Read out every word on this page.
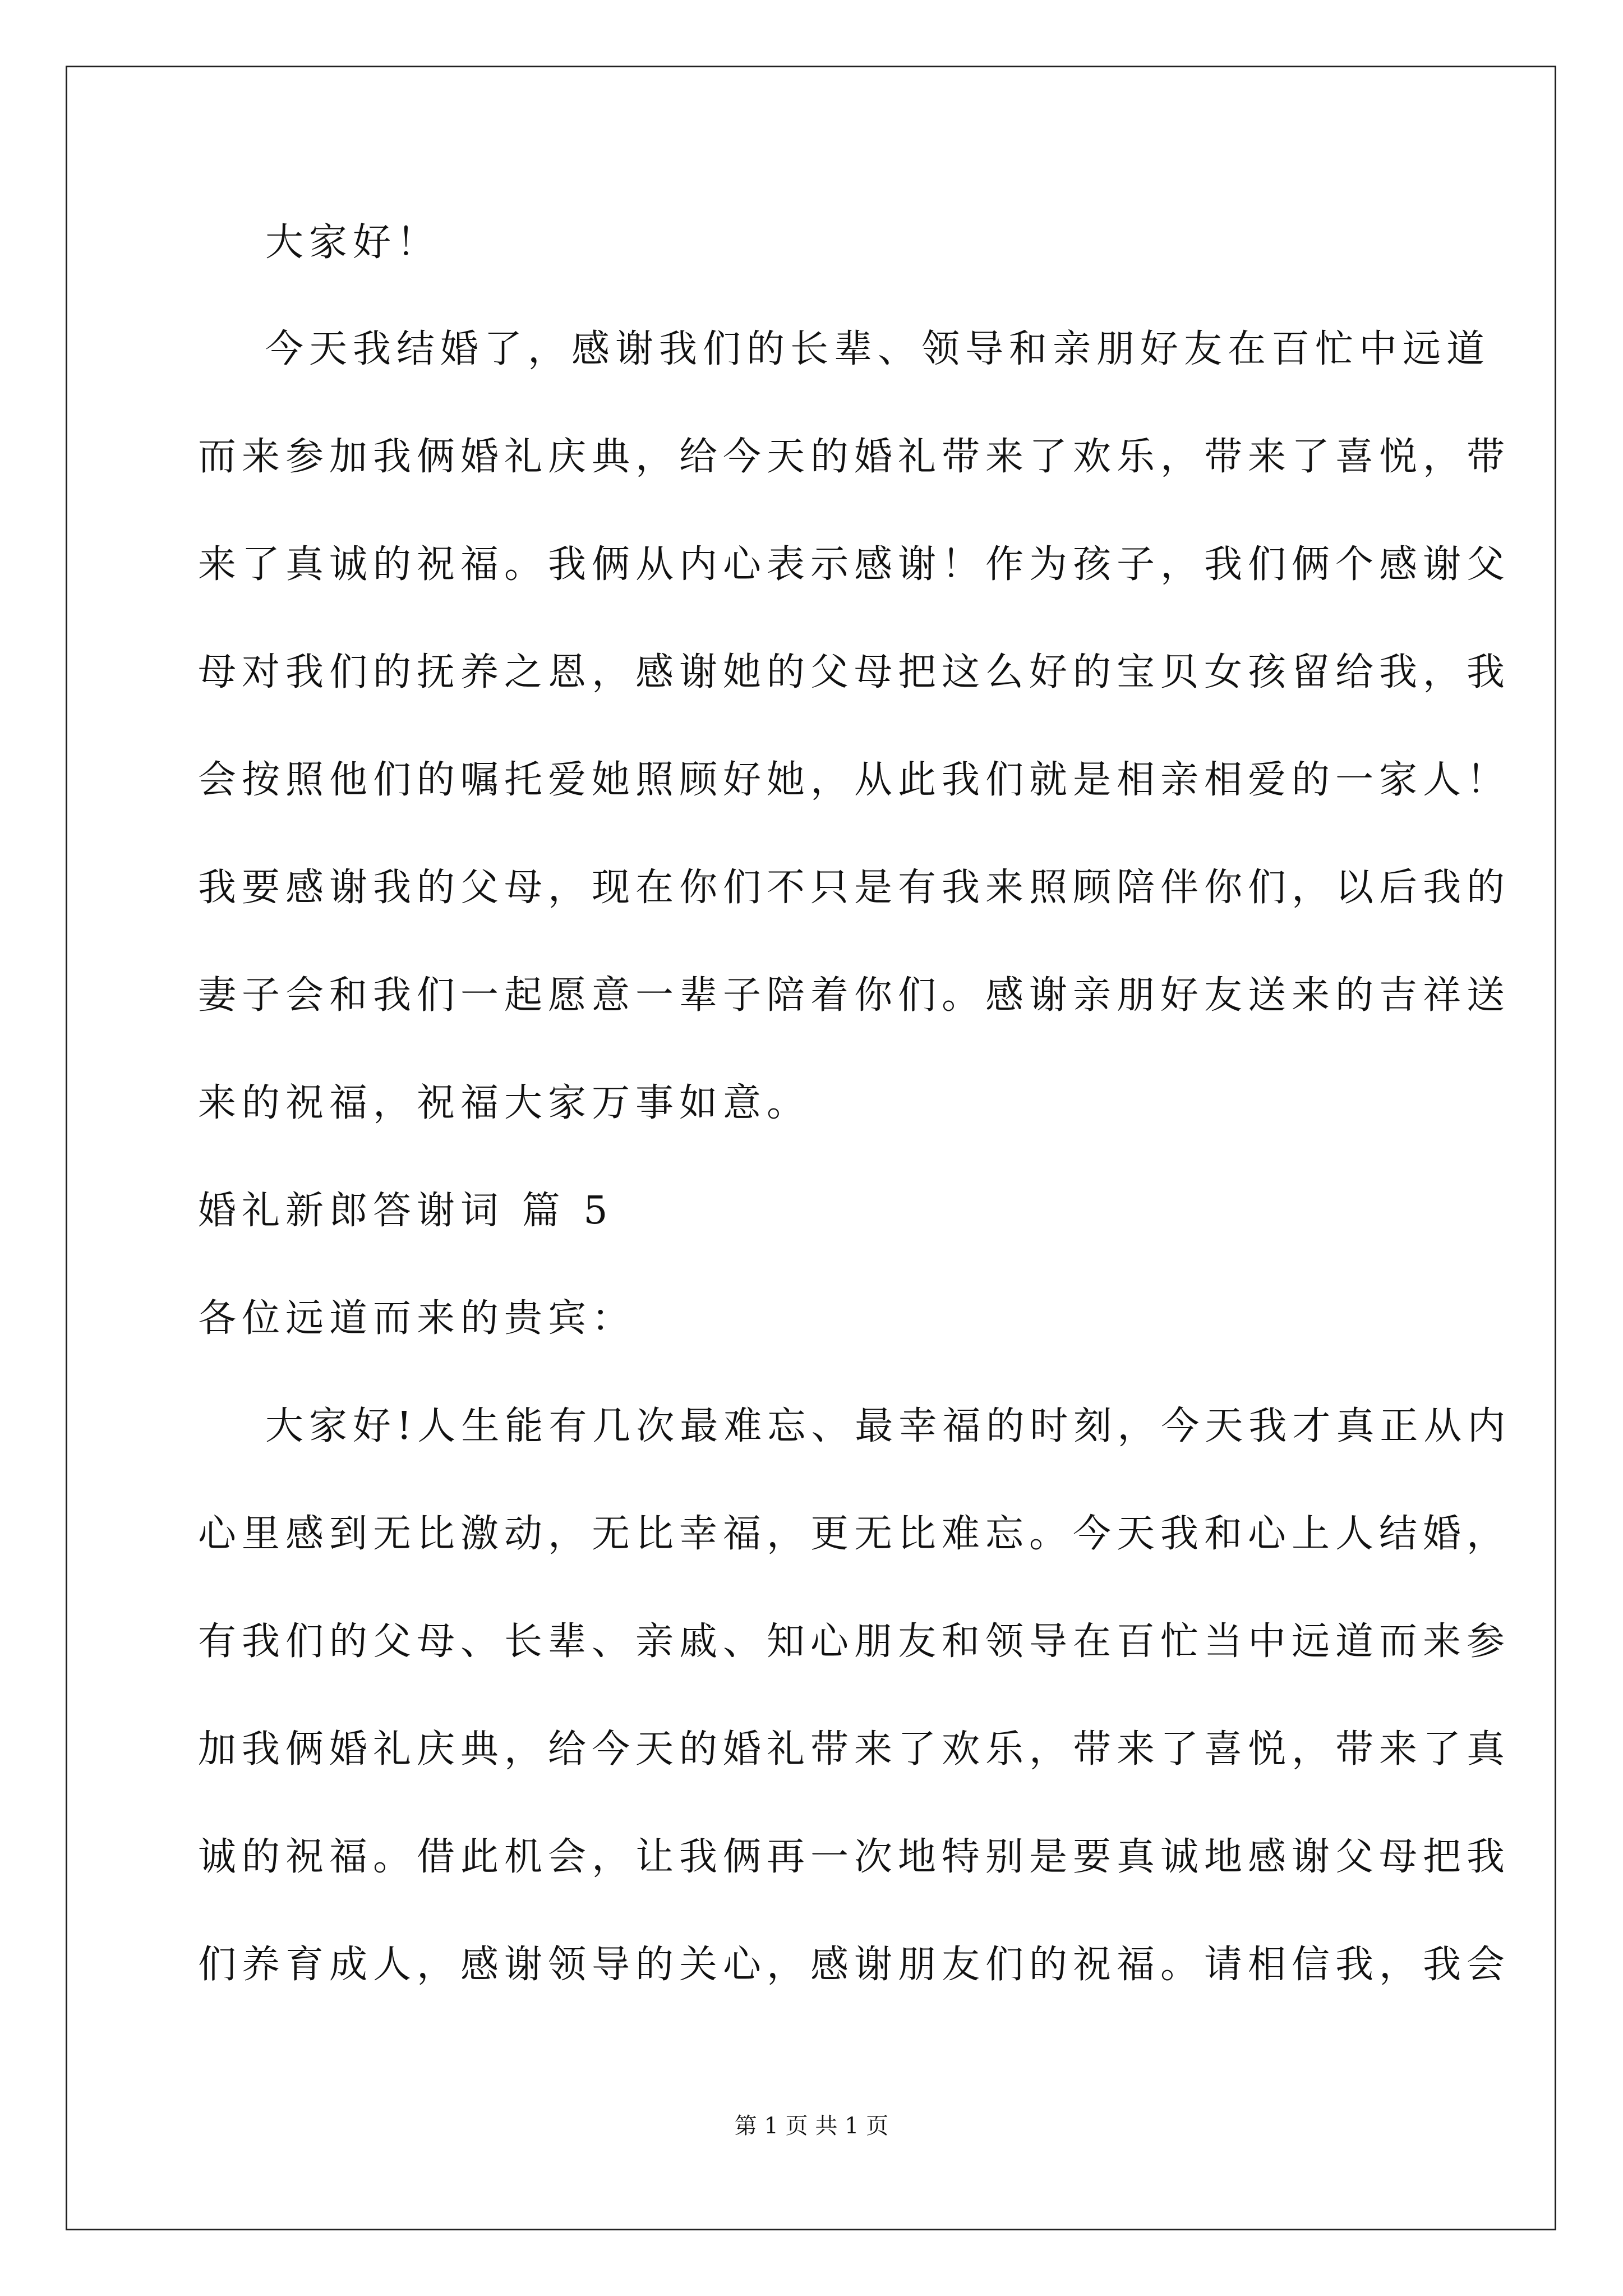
大家好！
今天我结婚了，感谢我们的长辈、领导和亲朋好友在百忙中远道
而来参加我俩婚礼庆典，给今天的婚礼带来了欢乐，带来了喜悦，带
来了真诚的祝福。我俩从内心表示感谢！作为孩子，我们俩个感谢父
母对我们的抚养之恩，感谢她的父母把这么好的宝贝女孩留给我，我
会按照他们的嘱托爱她照顾好她，从此我们就是相亲相爱的一家人！
我要感谢我的父母，现在你们不只是有我来照顾陪伴你们，以后我的
妻子会和我们一起愿意一辈子陪着你们。感谢亲朋好友送来的吉祥送
来的祝福，祝福大家万事如意。
婚礼新郎答谢词 篇 5
各位远道而来的贵宾：
大家好!人生能有几次最难忘、最幸福的时刻，今天我才真正从内
心里感到无比激动，无比幸福，更无比难忘。今天我和心上人结婚，
有我们的父母、长辈、亲戚、知心朋友和领导在百忙当中远道而来参
加我俩婚礼庆典，给今天的婚礼带来了欢乐，带来了喜悦，带来了真
诚的祝福。借此机会，让我俩再一次地特别是要真诚地感谢父母把我
们养育成人，感谢领导的关心，感谢朋友们的祝福。请相信我，我会
第 1 页 共 1 页
